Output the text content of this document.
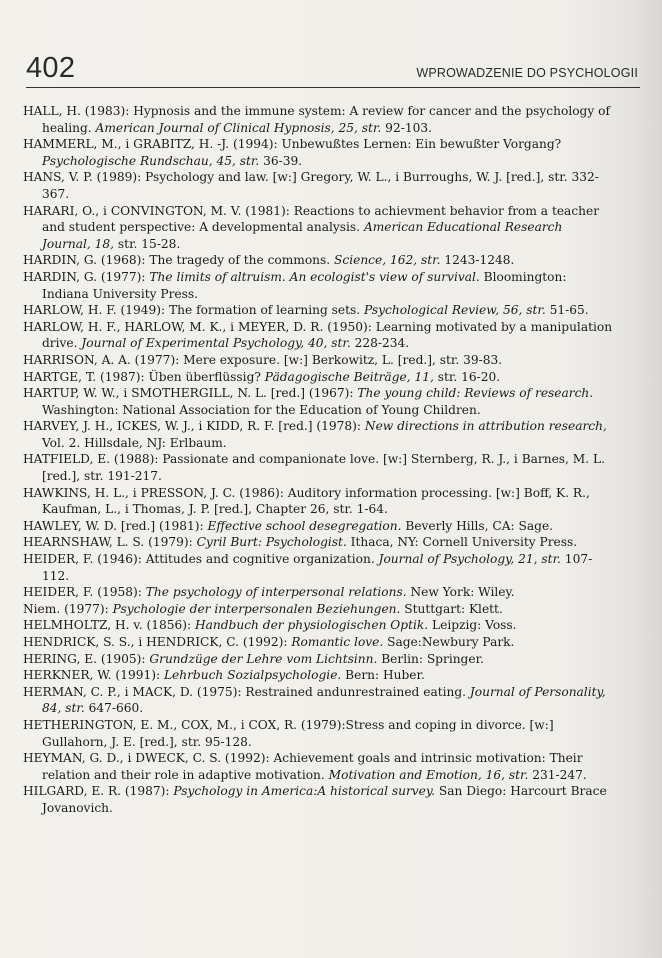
402	WPROWADZENIE DO PSYCHOLOGII
HALL, H. (1983): Hypnosis and the immune system: A review for cancer and the psychology of healing. American Journal of Clinical Hypnosis, 25, str. 92-103.
HAMMERL, M., i GRABITZ, H. -J. (1994): Unbewußtes Lernen: Ein bewußter Vorgang? Psychologische Rundschau, 45, str. 36-39.
HANS, V. P. (1989): Psychology and law. [w:] Gregory, W. L., i Burroughs, W. J. [red.], str. 332-367.
HARARI, O., i CONVINGTON, M. V. (1981): Reactions to achievment behavior from a teacher and student perspective: A developmental analysis. American Educational Research Journal, 18, str. 15-28.
HARDIN, G. (1968): The tragedy of the commons. Science, 162, str. 1243-1248.
HARDIN, G. (1977): The limits of altruism. An ecologist's view of survival. Bloomington: Indiana University Press.
HARLOW, H. F. (1949): The formation of learning sets. Psychological Review, 56, str. 51-65.
HARLOW, H. F., HARLOW, M. K., i MEYER, D. R. (1950): Learning motivated by a manipulation drive. Journal of Experimental Psychology, 40, str. 228-234.
HARRISON, A. A. (1977): Mere exposure. [w:] Berkowitz, L. [red.], str. 39-83.
HARTGE, T. (1987): Üben überflüssig? Pädagogische Beiträge, 11, str. 16-20.
HARTUP, W. W., i SMOTHERGILL, N. L. [red.] (1967): The young child: Reviews of research. Washington: National Association for the Education of Young Children.
HARVEY, J. H., ICKES, W. J., i KIDD, R. F. [red.] (1978): New directions in attribution research, Vol. 2. Hillsdale, NJ: Erlbaum.
HATFIELD, E. (1988): Passionate and companionate love. [w:] Sternberg, R. J., i Barnes, M. L. [red.], str. 191-217.
HAWKINS, H. L., i PRESSON, J. C. (1986): Auditory information processing. [w:] Boff, K. R., Kaufman, L., i Thomas, J. P. [red.], Chapter 26, str. 1-64.
HAWLEY, W. D. [red.] (1981): Effective school desegregation. Beverly Hills, CA: Sage.
HEARNSHAW, L. S. (1979): Cyril Burt: Psychologist. Ithaca, NY: Cornell University Press.
HEIDER, F. (1946): Attitudes and cognitive organization. Journal of Psychology, 21, str. 107-112.
HEIDER, F. (1958): The psychology of interpersonal relations. New York: Wiley.
Niem. (1977): Psychologie der interpersonalen Beziehungen. Stuttgart: Klett.
HELMHOLTZ, H. v. (1856): Handbuch der physiologischen Optik. Leipzig: Voss.
HENDRICK, S. S., i HENDRICK, C. (1992): Romantic love. Sage:Newbury Park.
HERING, E. (1905): Grundzüge der Lehre vom Lichtsinn. Berlin: Springer.
HERKNER, W. (1991): Lehrbuch Sozialpsychologie. Bern: Huber.
HERMAN, C. P., i MACK, D. (1975): Restrained andunrestrained eating. Journal of Personality, 84, str. 647-660.
HETHERINGTON, E. M., COX, M., i COX, R. (1979):Stress and coping in divorce. [w:] Gullahorn, J. E. [red.], str. 95-128.
HEYMAN, G. D., i DWECK, C. S. (1992): Achievement goals and intrinsic motivation: Their relation and their role in adaptive motivation. Motivation and Emotion, 16, str. 231-247.
HILGARD, E. R. (1987): Psychology in America:A historical survey. San Diego: Harcourt Brace Jovanovich.
